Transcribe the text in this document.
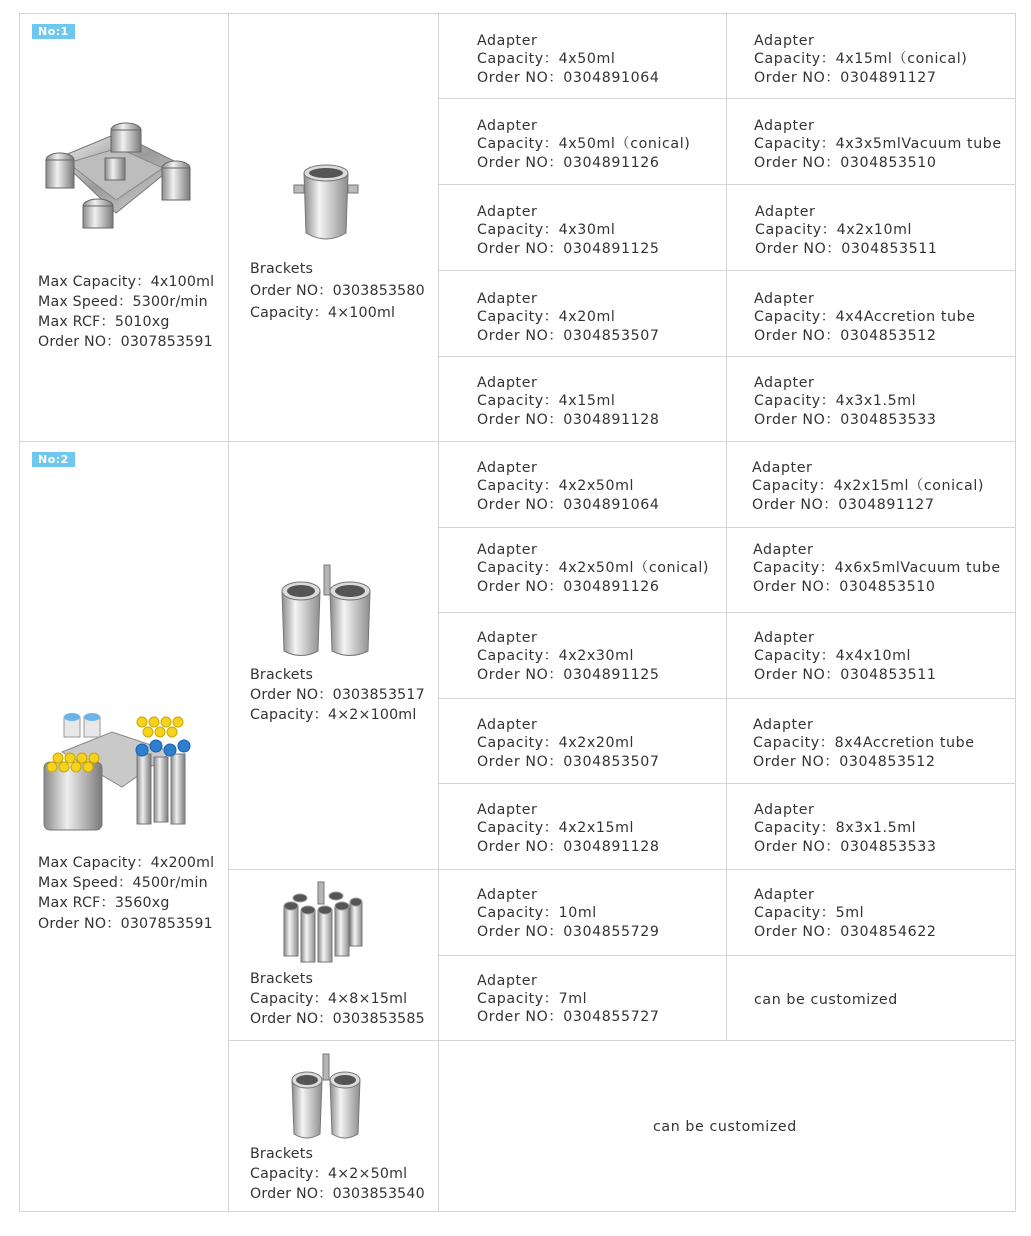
No:1
Max Capacity：4x100ml
Max Speed：5300r/min
Max RCF：5010xg
Order NO：0307853591
Brackets
Order NO：0303853580
Capacity：4×100ml
Adapter
Capacity：4x50ml
Order NO：0304891064
Adapter
Capacity：4x15ml（conical)
Order NO：0304891127
Adapter
Capacity：4x50ml（conical)
Order NO：0304891126
Adapter
Capacity：4x3x5mlVacuum tube
Order NO：0304853510
Adapter
Capacity：4x30ml
Order NO：0304891125
Adapter
Capacity：4x2x10ml
Order NO：0304853511
Adapter
Capacity：4x20ml
Order NO：0304853507
Adapter
Capacity：4x4Accretion tube
Order NO：0304853512
Adapter
Capacity：4x15ml
Order NO：0304891128
Adapter
Capacity：4x3x1.5ml
Order NO：0304853533
No:2
Max Capacity：4x200ml
Max Speed：4500r/min
Max RCF：3560xg
Order NO：0307853591
Brackets
Order NO：0303853517
Capacity：4×2×100ml
Brackets
Capacity：4×8×15ml
Order NO：0303853585
Brackets
Capacity：4×2×50ml
Order NO：0303853540
Adapter
Capacity：4x2x50ml
Order NO：0304891064
Adapter
Capacity：4x2x15ml（conical)
Order NO：0304891127
Adapter
Capacity：4x2x50ml（conical)
Order NO：0304891126
Adapter
Capacity：4x6x5mlVacuum tube
Order NO：0304853510
Adapter
Capacity：4x2x30ml
Order NO：0304891125
Adapter
Capacity：4x4x10ml
Order NO：0304853511
Adapter
Capacity：4x2x20ml
Order NO：0304853507
Adapter
Capacity：8x4Accretion tube
Order NO：0304853512
Adapter
Capacity：4x2x15ml
Order NO：0304891128
Adapter
Capacity：8x3x1.5ml
Order NO：0304853533
Adapter
Capacity：10ml
Order NO：0304855729
Adapter
Capacity：5ml
Order NO：0304854622
Adapter
Capacity：7ml
Order NO：0304855727
can be customized
can be customized
